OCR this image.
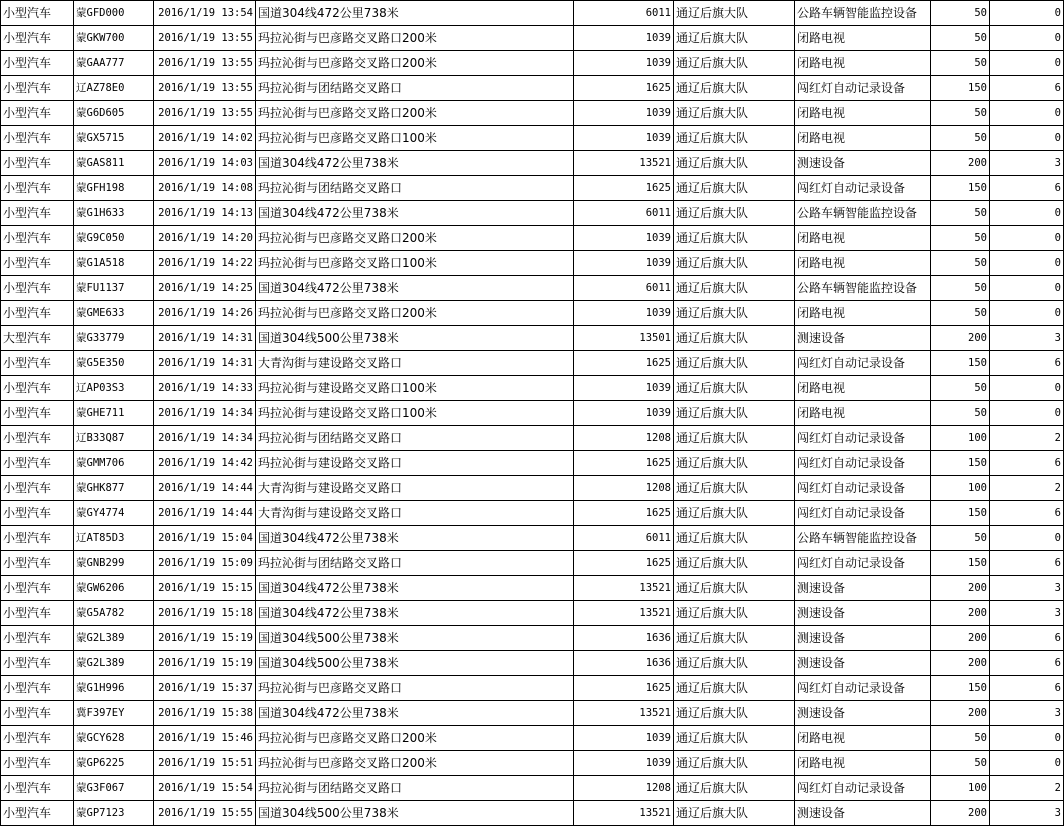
小型汽车	蒙GFD000	2016/1/19 13:54	国道304线472公里738米	6011	通辽后旗大队	公路车辆智能监控设备	50	0
小型汽车	蒙GKW700	2016/1/19 13:55	玛拉沁街与巴彦路交叉路口200米	1039	通辽后旗大队	闭路电视	50	0
小型汽车	蒙GAA777	2016/1/19 13:55	玛拉沁街与巴彦路交叉路口200米	1039	通辽后旗大队	闭路电视	50	0
小型汽车	辽AZ78E0	2016/1/19 13:55	玛拉沁街与团结路交叉路口	1625	通辽后旗大队	闯红灯自动记录设备	150	6
小型汽车	蒙G6D605	2016/1/19 13:55	玛拉沁街与巴彦路交叉路口200米	1039	通辽后旗大队	闭路电视	50	0
小型汽车	蒙GX5715	2016/1/19 14:02	玛拉沁街与巴彦路交叉路口100米	1039	通辽后旗大队	闭路电视	50	0
小型汽车	蒙GAS811	2016/1/19 14:03	国道304线472公里738米	13521	通辽后旗大队	测速设备	200	3
小型汽车	蒙GFH198	2016/1/19 14:08	玛拉沁街与团结路交叉路口	1625	通辽后旗大队	闯红灯自动记录设备	150	6
小型汽车	蒙G1H633	2016/1/19 14:13	国道304线472公里738米	6011	通辽后旗大队	公路车辆智能监控设备	50	0
小型汽车	蒙G9C050	2016/1/19 14:20	玛拉沁街与巴彦路交叉路口200米	1039	通辽后旗大队	闭路电视	50	0
小型汽车	蒙G1A518	2016/1/19 14:22	玛拉沁街与巴彦路交叉路口100米	1039	通辽后旗大队	闭路电视	50	0
小型汽车	蒙FU1137	2016/1/19 14:25	国道304线472公里738米	6011	通辽后旗大队	公路车辆智能监控设备	50	0
小型汽车	蒙GME633	2016/1/19 14:26	玛拉沁街与巴彦路交叉路口200米	1039	通辽后旗大队	闭路电视	50	0
大型汽车	蒙G33779	2016/1/19 14:31	国道304线500公里738米	13501	通辽后旗大队	测速设备	200	3
小型汽车	蒙G5E350	2016/1/19 14:31	大青沟街与建设路交叉路口	1625	通辽后旗大队	闯红灯自动记录设备	150	6
小型汽车	辽AP03S3	2016/1/19 14:33	玛拉沁街与建设路交叉路口100米	1039	通辽后旗大队	闭路电视	50	0
小型汽车	蒙GHE711	2016/1/19 14:34	玛拉沁街与建设路交叉路口100米	1039	通辽后旗大队	闭路电视	50	0
小型汽车	辽B33Q87	2016/1/19 14:34	玛拉沁街与团结路交叉路口	1208	通辽后旗大队	闯红灯自动记录设备	100	2
小型汽车	蒙GMM706	2016/1/19 14:42	玛拉沁街与建设路交叉路口	1625	通辽后旗大队	闯红灯自动记录设备	150	6
小型汽车	蒙GHK877	2016/1/19 14:44	大青沟街与建设路交叉路口	1208	通辽后旗大队	闯红灯自动记录设备	100	2
小型汽车	蒙GY4774	2016/1/19 14:44	大青沟街与建设路交叉路口	1625	通辽后旗大队	闯红灯自动记录设备	150	6
小型汽车	辽AT85D3	2016/1/19 15:04	国道304线472公里738米	6011	通辽后旗大队	公路车辆智能监控设备	50	0
小型汽车	蒙GNB299	2016/1/19 15:09	玛拉沁街与团结路交叉路口	1625	通辽后旗大队	闯红灯自动记录设备	150	6
小型汽车	蒙GW6206	2016/1/19 15:15	国道304线472公里738米	13521	通辽后旗大队	测速设备	200	3
小型汽车	蒙G5A782	2016/1/19 15:18	国道304线472公里738米	13521	通辽后旗大队	测速设备	200	3
小型汽车	蒙G2L389	2016/1/19 15:19	国道304线500公里738米	1636	通辽后旗大队	测速设备	200	6
小型汽车	蒙G2L389	2016/1/19 15:19	国道304线500公里738米	1636	通辽后旗大队	测速设备	200	6
小型汽车	蒙G1H996	2016/1/19 15:37	玛拉沁街与巴彦路交叉路口	1625	通辽后旗大队	闯红灯自动记录设备	150	6
小型汽车	冀F397EY	2016/1/19 15:38	国道304线472公里738米	13521	通辽后旗大队	测速设备	200	3
小型汽车	蒙GCY628	2016/1/19 15:46	玛拉沁街与巴彦路交叉路口200米	1039	通辽后旗大队	闭路电视	50	0
小型汽车	蒙GP6225	2016/1/19 15:51	玛拉沁街与巴彦路交叉路口200米	1039	通辽后旗大队	闭路电视	50	0
小型汽车	蒙G3F067	2016/1/19 15:54	玛拉沁街与团结路交叉路口	1208	通辽后旗大队	闯红灯自动记录设备	100	2
小型汽车	蒙GP7123	2016/1/19 15:55	国道304线500公里738米	13521	通辽后旗大队	测速设备	200	3
